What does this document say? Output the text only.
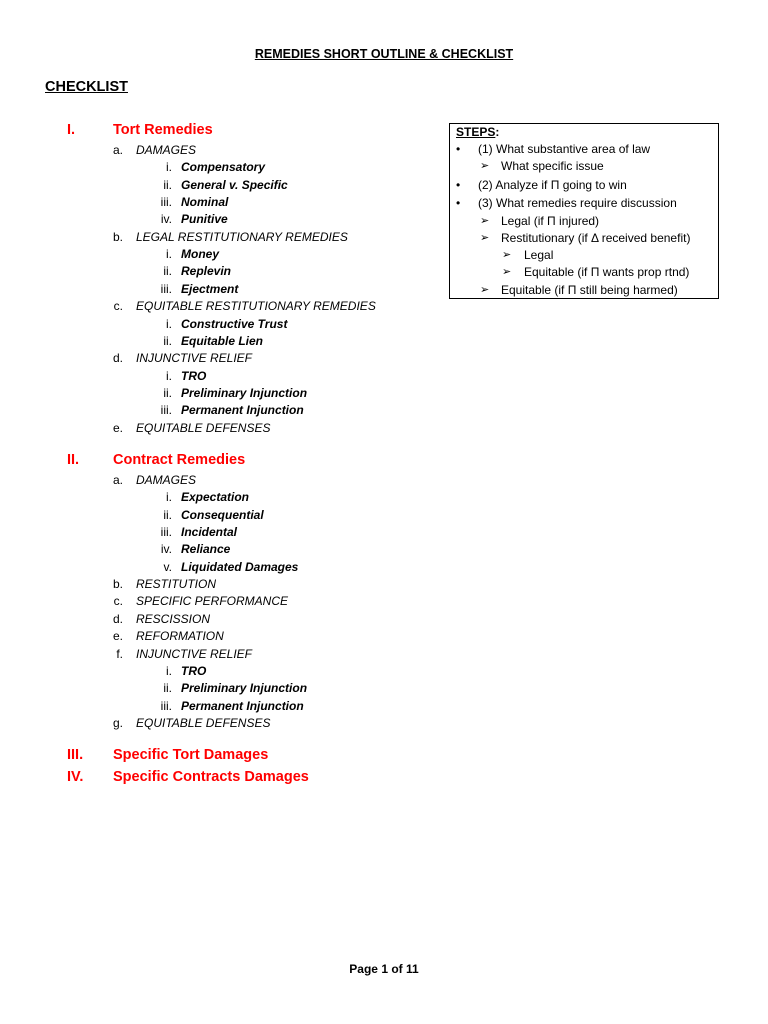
REMEDIES SHORT OUTLINE & CHECKLIST
CHECKLIST
I.	Tort Remedies
a. DAMAGES
i. Compensatory
ii. General v. Specific
iii. Nominal
iv. Punitive
b. LEGAL RESTITUTIONARY REMEDIES
i. Money
ii. Replevin
iii. Ejectment
c. EQUITABLE RESTITUTIONARY REMEDIES
i. Constructive Trust
ii. Equitable Lien
d. INJUNCTIVE RELIEF
i. TRO
ii. Preliminary Injunction
iii. Permanent Injunction
e. EQUITABLE DEFENSES
II. Contract Remedies
a. DAMAGES
i. Expectation
ii. Consequential
iii. Incidental
iv. Reliance
v. Liquidated Damages
b. RESTITUTION
c. SPECIFIC PERFORMANCE
d. RESCISSION
e. REFORMATION
f. INJUNCTIVE RELIEF
i. TRO
ii. Preliminary Injunction
iii. Permanent Injunction
g. EQUITABLE DEFENSES
III. Specific Tort Damages
IV. Specific Contracts Damages
STEPS:
• (1) What substantive area of law
➢ What specific issue
• (2) Analyze if Π going to win
• (3) What remedies require discussion
➢ Legal (if Π injured)
➢ Restitutionary (if Δ received benefit)
➢ Legal
➢ Equitable (if Π wants prop rtnd)
➢ Equitable (if Π still being harmed)
Page 1 of 11
